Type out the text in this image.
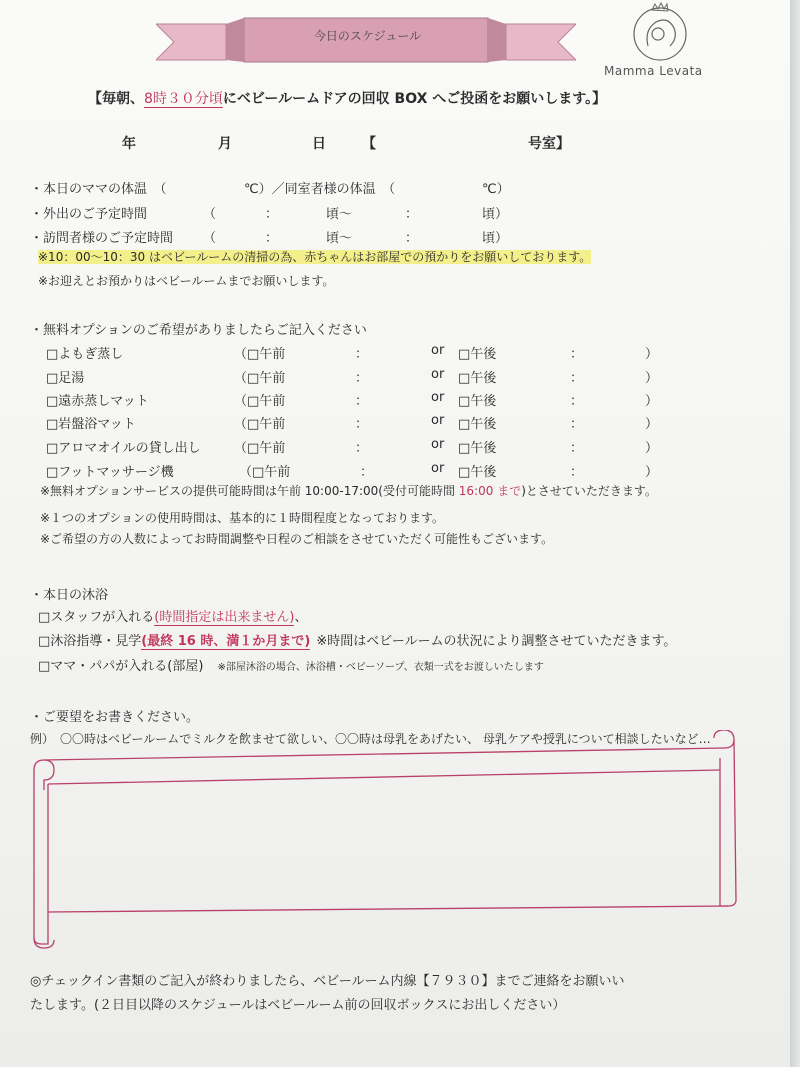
今日のスケジュール
Mamma Levata
【毎朝、8時３０分頃にベビールームドアの回収 BOX へご投函をお願いします。】
年	月	日	【	号室】
・本日のママの体温　（	℃）／同室者様の体温　（	℃）
・外出のご予定時間	（	：	頃〜	：	頃）
・訪問者様のご予定時間 （	：	頃〜	：	頃）
※10：00〜10：30 はベビールームの清掃の為、赤ちゃんはお部屋での預かりをお願いしております。
※お迎えとお預かりはベビールームまでお願いします。
・無料オプションのご希望がありましたらご記入ください
□よもぎ蒸し	（□午前	：	or □午後	：	）
□足湯	（□午前	：	or □午後	：	）
□遠赤蒸しマット	（□午前	：	or □午後	：	）
□岩盤浴マット	（□午前	：	or □午後	：	）
□アロマオイルの貸し出し	（□午前	：	or □午後	：	）
□フットマッサージ機	（□午前	：	or □午後	：	）
※無料オプションサービスの提供可能時間は午前 10:00-17:00(受付可能時間 16:00 まで)とさせていただきます。
※１つのオプションの使用時間は、基本的に１時間程度となっております。
※ご希望の方の人数によってお時間調整や日程のご相談をさせていただく可能性もございます。
・本日の沐浴
□スタッフが入れる(時間指定は出来ません)、
□沐浴指導・見学(最終 16 時、満１か月まで) ※時間はベビールームの状況により調整させていただきます。
□ママ・パパが入れる(部屋) ※部屋沐浴の場合、沐浴槽・ベビーソープ、衣類一式をお渡しいたします
・ご要望をお書きください。
例）　〇〇時はベビールームでミルクを飲ませて欲しい、〇〇時は母乳をあげたい、 母乳ケアや授乳について相談したいなど…
◎チェックイン書類のご記入が終わりましたら、ベビールーム内線【７９３０】までご連絡をお願いい
たします。(２日目以降のスケジュールはベビールーム前の回収ボックスにお出しください）
